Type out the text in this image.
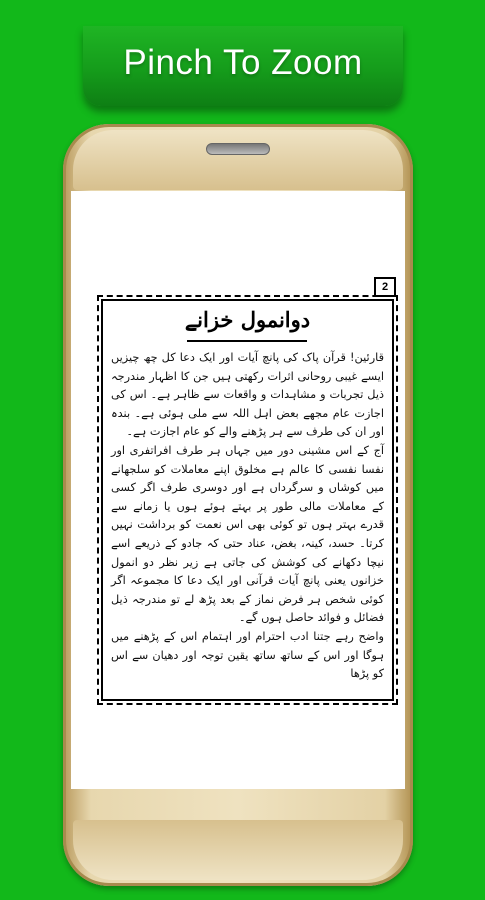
Pinch To Zoom
2
دوانمول خزانے

قارئین! قرآن پاک کی پانچ آیات اور ایک دعا کل چھ چیزیں ایسے غیبی روحانی اثرات رکھتی ہیں جن کا اظہار مندرجہ ذیل تجربات و مشاہدات و واقعات سے ظاہر ہے۔ اس کی اجازت عام مجھے بعض اہل اللہ سے ملی ہوئی ہے۔ بندہ اور ان کی طرف سے ہر پڑھنے والے کو عام اجازت ہے۔

آج کے اس مشینی دور میں جہاں ہر طرف افراتفری اور نفسا نفسی کا عالم ہے مخلوق اپنے معاملات کو سلجھانے میں کوشاں و سرگرداں ہے اور دوسری طرف اگر کسی کے معاملات مالی طور پر بہتے ہوئے ہوں یا زمانے سے قدرے بہتر ہوں تو کوئی بھی اس نعمت کو برداشت نہیں کرتا۔ حسد، کینہ، بغض، عناد حتی کہ جادو کے ذریعے اسے نیچا دکھانے کی کوشش کی جاتی ہے زیر نظر دو انمول خزانوں یعنی پانچ آیات قرآنی اور ایک دعا کا مجموعہ اگر کوئی شخص ہر فرض نماز کے بعد پڑھ لے تو مندرجہ ذیل فضائل و فوائد حاصل ہوں گے۔

واضح رہے جتنا ادب احترام اور اہتمام اس کے پڑھنے میں ہوگا اور اس کے ساتھ ساتھ یقین توجہ اور دھیان سے اس کو پڑھا
